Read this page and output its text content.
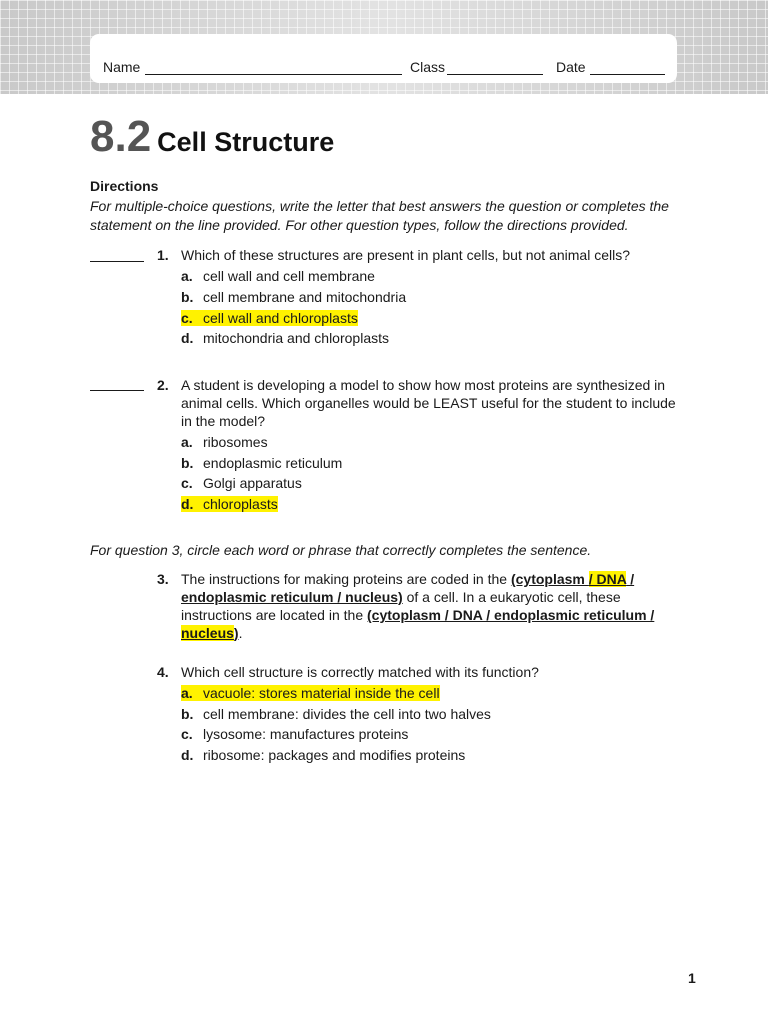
Name	Class	Date
8.2 Cell Structure
Directions
For multiple-choice questions, write the letter that best answers the question or completes the statement on the line provided. For other question types, follow the directions provided.
1. Which of these structures are present in plant cells, but not animal cells?
a. cell wall and cell membrane
b. cell membrane and mitochondria
c. cell wall and chloroplasts
d. mitochondria and chloroplasts
2. A student is developing a model to show how most proteins are synthesized in animal cells. Which organelles would be LEAST useful for the student to include in the model?
a. ribosomes
b. endoplasmic reticulum
c. Golgi apparatus
d. chloroplasts
For question 3, circle each word or phrase that correctly completes the sentence.
3. The instructions for making proteins are coded in the (cytoplasm / DNA / endoplasmic reticulum / nucleus) of a cell. In a eukaryotic cell, these instructions are located in the (cytoplasm / DNA / endoplasmic reticulum / nucleus).
4. Which cell structure is correctly matched with its function?
a. vacuole: stores material inside the cell
b. cell membrane: divides the cell into two halves
c. lysosome: manufactures proteins
d. ribosome: packages and modifies proteins
1
